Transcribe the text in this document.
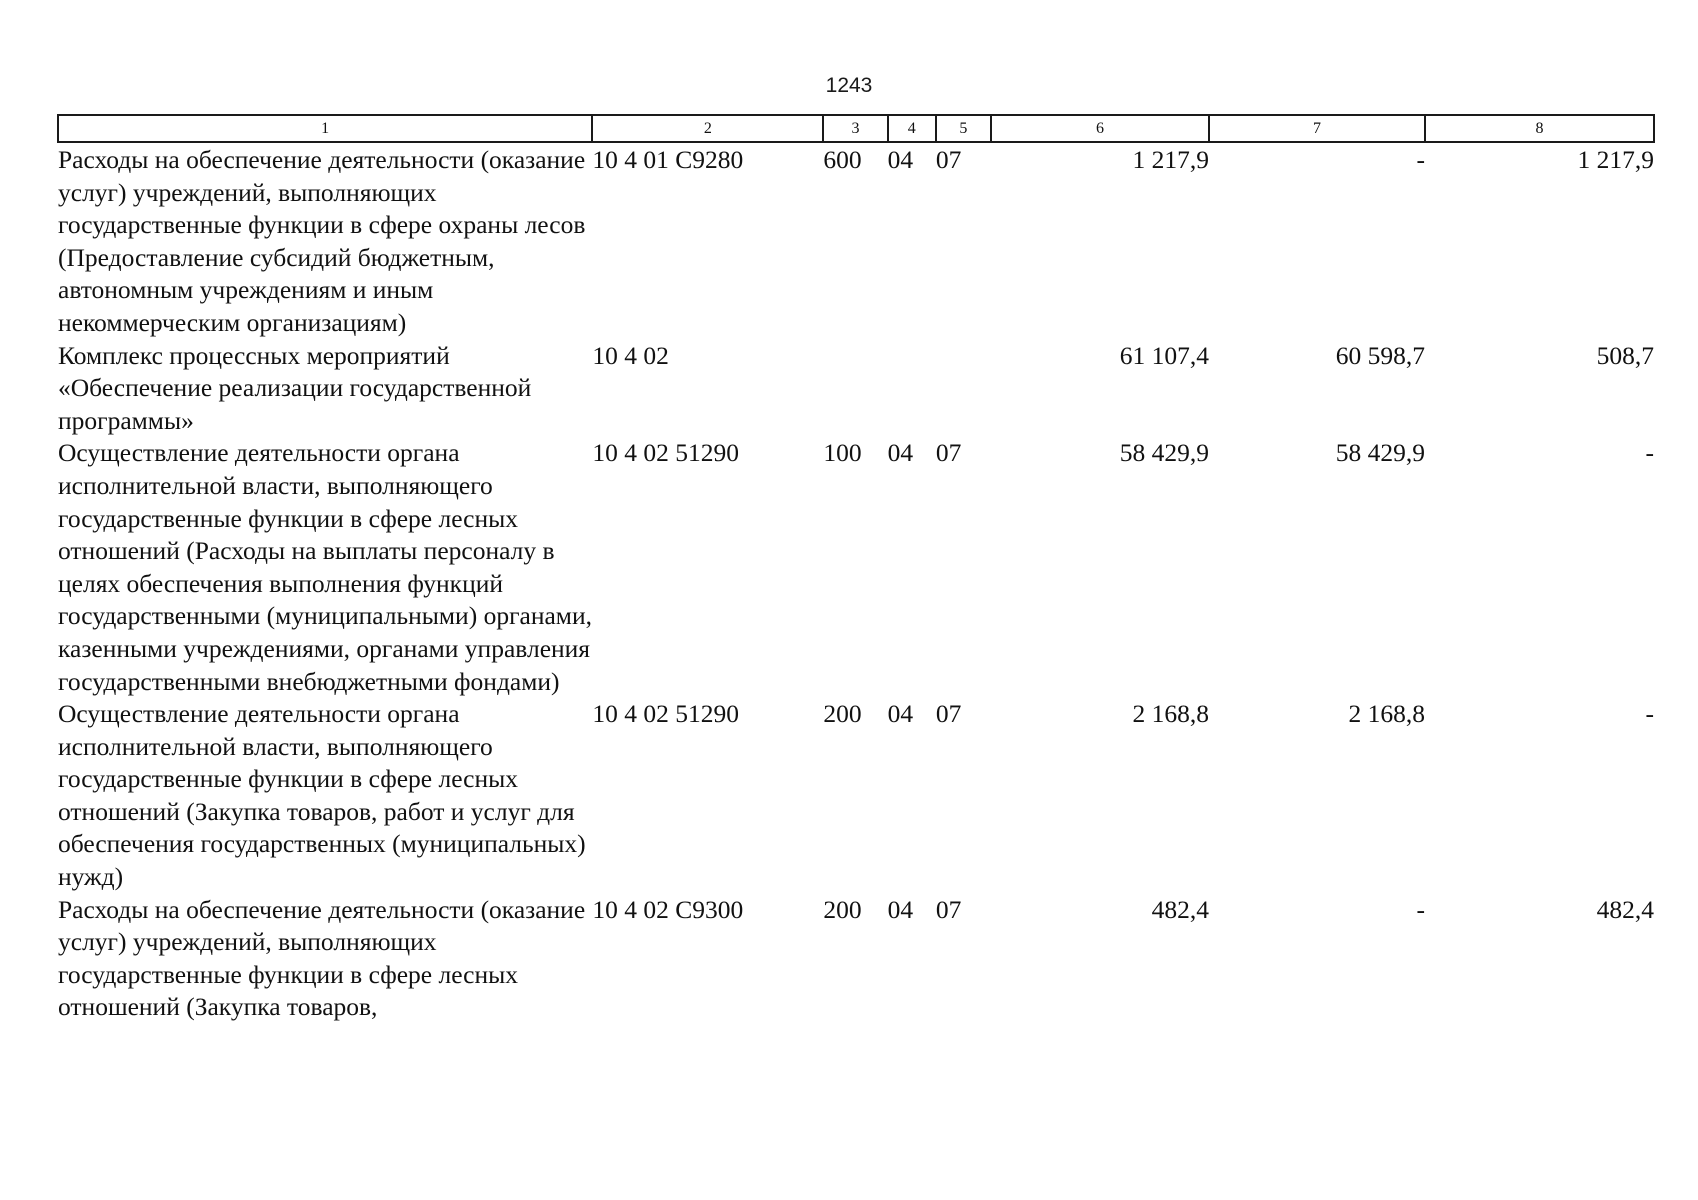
1243
1	2	3	4	5	6	7	8
Расходы на обеспечение деятельности (оказание услуг) учреждений, выполняющих государственные функции в сфере охраны лесов (Предоставление субсидий бюджетным, автономным учреждениям и иным некоммерческим организациям)	10 4 01 С9280	600	04	07	1 217,9	-	1 217,9
Комплекс процессных мероприятий «Обеспечение реализации государственной программы»	10 4 02				61 107,4	60 598,7	508,7
Осуществление деятельности органа исполнительной власти, выполняющего государственные функции в сфере лесных отношений (Расходы на выплаты персоналу в целях обеспечения выполнения функций государственными (муниципальными) органами, казенными учреждениями, органами управления государственными внебюджетными фондами)	10 4 02 51290	100	04	07	58 429,9	58 429,9	-
Осуществление деятельности органа исполнительной власти, выполняющего государственные функции в сфере лесных отношений (Закупка товаров, работ и услуг для обеспечения государственных (муниципальных) нужд)	10 4 02 51290	200	04	07	2 168,8	2 168,8	-
Расходы на обеспечение деятельности (оказание услуг) учреждений, выполняющих государственные функции в сфере лесных отношений (Закупка товаров,	10 4 02 С9300	200	04	07	482,4	-	482,4
